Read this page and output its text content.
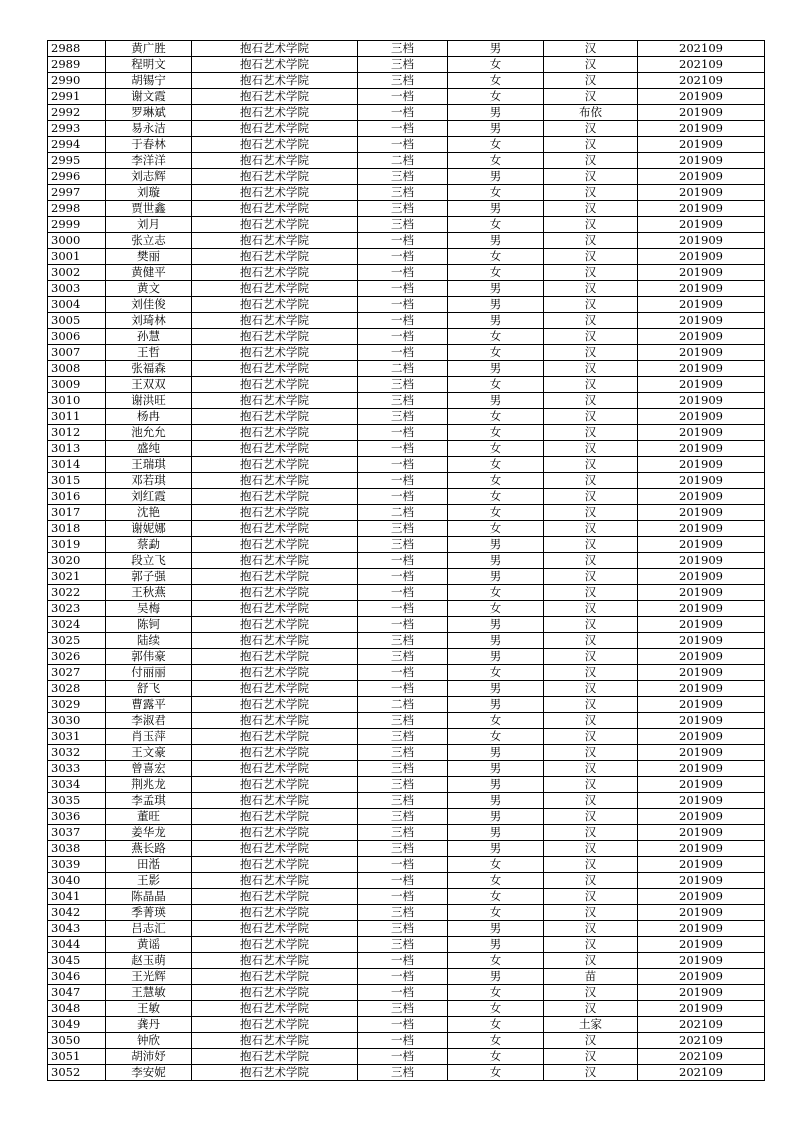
2988	黄广胜	抱石艺术学院	三档	男	汉	202109
2989	程明文	抱石艺术学院	三档	女	汉	202109
2990	胡锡宁	抱石艺术学院	三档	女	汉	202109
2991	谢文霞	抱石艺术学院	一档	女	汉	201909
2992	罗琳斌	抱石艺术学院	一档	男	布依	201909
2993	易永洁	抱石艺术学院	一档	男	汉	201909
2994	于春林	抱石艺术学院	一档	女	汉	201909
2995	李洋洋	抱石艺术学院	二档	女	汉	201909
2996	刘志辉	抱石艺术学院	三档	男	汉	201909
2997	刘璇	抱石艺术学院	三档	女	汉	201909
2998	贾世鑫	抱石艺术学院	三档	男	汉	201909
2999	刘月	抱石艺术学院	三档	女	汉	201909
3000	张立志	抱石艺术学院	一档	男	汉	201909
3001	樊丽	抱石艺术学院	一档	女	汉	201909
3002	黄健平	抱石艺术学院	一档	女	汉	201909
3003	黄文	抱石艺术学院	一档	男	汉	201909
3004	刘佳俊	抱石艺术学院	一档	男	汉	201909
3005	刘琦林	抱石艺术学院	一档	男	汉	201909
3006	孙慧	抱石艺术学院	一档	女	汉	201909
3007	王哲	抱石艺术学院	一档	女	汉	201909
3008	张福森	抱石艺术学院	二档	男	汉	201909
3009	王双双	抱石艺术学院	三档	女	汉	201909
3010	谢洪旺	抱石艺术学院	三档	男	汉	201909
3011	杨冉	抱石艺术学院	三档	女	汉	201909
3012	池允允	抱石艺术学院	一档	女	汉	201909
3013	盛纯	抱石艺术学院	一档	女	汉	201909
3014	王瑞琪	抱石艺术学院	一档	女	汉	201909
3015	邓若琪	抱石艺术学院	一档	女	汉	201909
3016	刘红霞	抱石艺术学院	一档	女	汉	201909
3017	沈艳	抱石艺术学院	二档	女	汉	201909
3018	谢妮娜	抱石艺术学院	三档	女	汉	201909
3019	蔡勐	抱石艺术学院	三档	男	汉	201909
3020	段立飞	抱石艺术学院	一档	男	汉	201909
3021	郭子强	抱石艺术学院	一档	男	汉	201909
3022	王秋燕	抱石艺术学院	一档	女	汉	201909
3023	吴梅	抱石艺术学院	一档	女	汉	201909
3024	陈钶	抱石艺术学院	一档	男	汉	201909
3025	陆续	抱石艺术学院	三档	男	汉	201909
3026	郭伟豪	抱石艺术学院	三档	男	汉	201909
3027	付丽丽	抱石艺术学院	一档	女	汉	201909
3028	舒飞	抱石艺术学院	一档	男	汉	201909
3029	曹露平	抱石艺术学院	二档	男	汉	201909
3030	李淑君	抱石艺术学院	三档	女	汉	201909
3031	肖玉萍	抱石艺术学院	三档	女	汉	201909
3032	王文豪	抱石艺术学院	三档	男	汉	201909
3033	曾喜宏	抱石艺术学院	三档	男	汉	201909
3034	荆兆龙	抱石艺术学院	三档	男	汉	201909
3035	李孟琪	抱石艺术学院	三档	男	汉	201909
3036	董旺	抱石艺术学院	三档	男	汉	201909
3037	姜华龙	抱石艺术学院	三档	男	汉	201909
3038	燕长路	抱石艺术学院	三档	男	汉	201909
3039	田湉	抱石艺术学院	一档	女	汉	201909
3040	王影	抱石艺术学院	一档	女	汉	201909
3041	陈晶晶	抱石艺术学院	一档	女	汉	201909
3042	季菁瑛	抱石艺术学院	三档	女	汉	201909
3043	吕志汇	抱石艺术学院	三档	男	汉	201909
3044	黄谣	抱石艺术学院	三档	男	汉	201909
3045	赵玉萌	抱石艺术学院	一档	女	汉	201909
3046	王光辉	抱石艺术学院	一档	男	苗	201909
3047	王慧敏	抱石艺术学院	一档	女	汉	201909
3048	王敏	抱石艺术学院	三档	女	汉	201909
3049	龚丹	抱石艺术学院	一档	女	土家	202109
3050	钟欣	抱石艺术学院	一档	女	汉	202109
3051	胡沛妤	抱石艺术学院	一档	女	汉	202109
3052	李安妮	抱石艺术学院	三档	女	汉	202109
